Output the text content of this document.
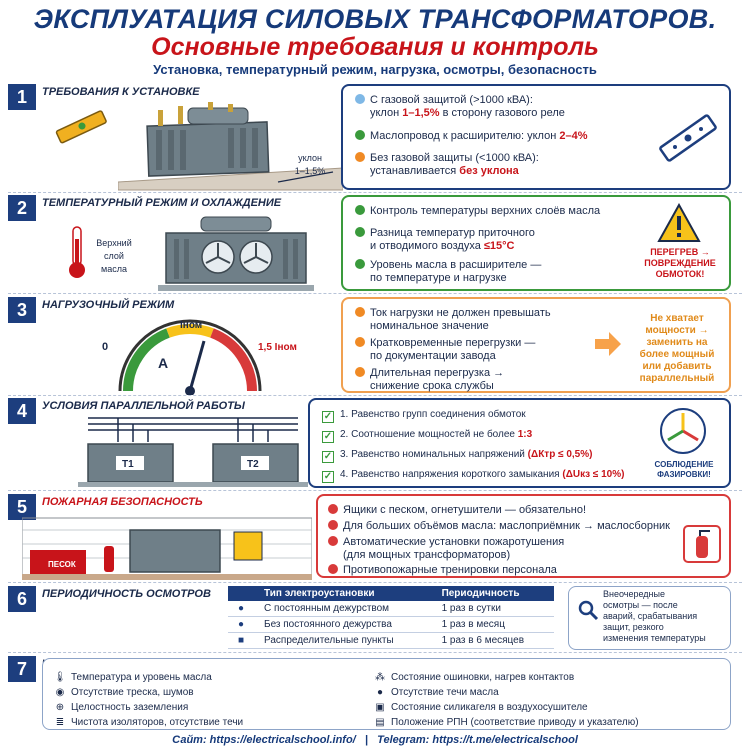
ЭКСПЛУАТАЦИЯ СИЛОВЫХ ТРАНСФОРМАТОРОВ.
Основные требования и контроль
Установка, температурный режим, нагрузка, осмотры, безопасность
1	ТРЕБОВАНИЯ К УСТАНОВКЕ
уклон
1–1,5%
С газовой защитой (>1000 кВА):
уклон 1–1,5% в сторону газового реле
Маслопровод к расширителю: уклон 2–4%
Без газовой защиты (<1000 кВА):
устанавливается без уклона
2	ТЕМПЕРАТУРНЫЙ РЕЖИМ И ОХЛАЖДЕНИЕ
Верхний
слой
масла
Контроль температуры верхних слоёв масла
Разница температур приточного
и отводимого воздуха ≤15°С
Уровень масла в расширителе —
по температуре и нагрузке
ПЕРЕГРЕВ →
ПОВРЕЖДЕНИЕ
ОБМОТОК!
3	НАГРУЗОЧНЫЙ РЕЖИМ
0
Iном
1,5 Iном
A
Ток нагрузки не должен превышать
номинальное значение
Кратковременные перегрузки —
по документации завода
Длительная перегрузка →
снижение срока службы
Не хватает
мощности →
заменить на
более мощный
или добавить
параллельный
4	УСЛОВИЯ ПАРАЛЛЕЛЬНОЙ РАБОТЫ
Т1	Т2
✓ 1. Равенство групп соединения обмоток
✓ 2. Соотношение мощностей не более 1:3
✓ 3. Равенство номинальных напряжений (ΔКтр ≤ 0,5%)
✓ 4. Равенство напряжения короткого замыкания (ΔUкз ≤ 10%)
СОБЛЮДЕНИЕ
ФАЗИРОВКИ!
5	ПОЖАРНАЯ БЕЗОПАСНОСТЬ
ПЕСОК
Ящики с песком, огнетушители — обязательно!
Для больших объёмов масла: маслоприёмник → маслосборник
Автоматические установки пожаротушения
(для мощных трансформаторов)
Противопожарные тренировки персонала
6	ПЕРИОДИЧНОСТЬ ОСМОТРОВ
		Тип электроустановки	Периодичность
●	С постоянным дежурством	1 раз в сутки
●	Без постоянного дежурства	1 раз в месяц
■	Распределительные пункты	1 раз в 6 месяцев
Внеочередные
осмотры — после
аварий, срабатывания
защит, резкого
изменения температуры
7	🌡 Температура и уровень масла
◉ Отсутствие треска, шумов
⊕ Целостность заземления
≣ Чистота изоляторов, отсутствие течи
⁂ Состояние ошиновки, нагрев контактов
● Отсутствие течи масла
▣ Состояние силикагеля в воздухосушителе
▤ Положение РПН (соответствие приводу и указателю)
Сайт: https://electricalschool.info/ | Telegram: https://t.me/electricalschool
